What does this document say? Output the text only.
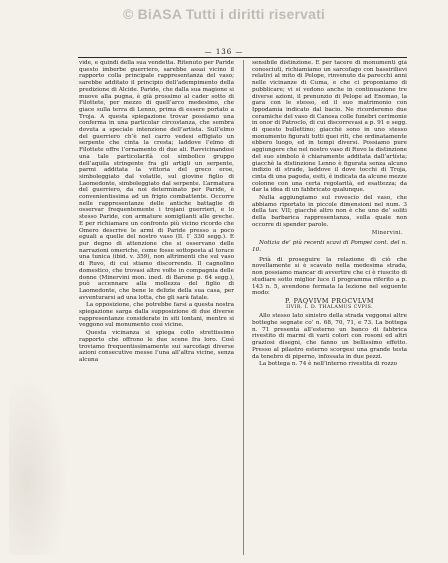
© BiASA Tutti i diritti riservati
— 136 —

vide, e quindi della sua vendetta. Ritenuto per Paride questo imberbe guerriero, sarebbe assai vicino il rapporto colla principale rappresentanza del vaso; sarebbe additato il principio dell’adempimento della predizione di Alcide. Paride, che dalla sua magione si muove alla pugna, è già prossimo al cader sotto di Filottete, per mezzo di quell’arco medesimo, che giace sulla terra di Lenno, prima di essere portato a Troja. A questa spiegazione trovar possiamo una conferma in una particolar circostanza, che sembra dovuta a speciale intenzione dell’artista. Sull’elmo del guerriero ch’è nel carro vedesi effigiato un serpente che cinta la cresta; laddove l’elmo di Filottete offre l’ornamento di due ali. Ravvicinandosi una tale particolarità col simbolico gruppo dell’aquila stringente fra gli artigli un serpente, parmi additata la vittoria del greco eroe, simboleggiato dal volatile, sul giovine figlio di Laomedonte, simboleggiato dal serpente. L’armatura del guerriero, da noi determinato per Paride, è convenientissima ad un frigio combattente. Occorre nelle rappresentanze delle antiche battaglie di osservar frequentemente i trojani guerrieri, e lo stesso Paride, con armature somiglianti alle greche. E per richiamare un confronto più vicino ricordo che Omero descrive le armi di Paride presso a poco eguali a quelle del nostro vaso (Il. Γ 330 segg.). E pur degno di attenzione che si osservano delle narrazioni omeriche, come fosse sottoposta al torace una tunica (ibid. v. 359), non altrimenti che sul vaso di Ruvo, di cui stiamo discorrendo. Il cagnolino domestico, che trovasi altre volte in compagnia delle donne (Minervini mon. ined. di Barone p. 64 segg.), può accennare alla mollezza del figlio di Laomedonte, che bene le delizie della sua casa, per avventurarsi ad una lotta, che gli sarà fatale.

La opposizione, che potrebbe farsi a questa nostra spiegazione sarga dalla supposizione di due diverse rappresentanze considerate in siti lontani, mentre si veggono sul monumento così vicine.

Questa vicinanza si spiega collo strettissimo rapporto che offrono le due scene fra loro. Così troviamo frequentissimamente sui sarcofagi diverse azioni consecutive messe l’una all’altra vicine, senza alcuna

sensibile distinzione. E per tacere di monumenti già conosciuti, richiamiamo un sarcofago con bassirilievi relativi al mito di Pelope, rinvenuto da parecchi anni nelle vicinanze di Cuma, e che ci proponiamo di pubblicare; vi si vedono anche in continuazione tre diverse azioni, il prenunzio di Pelope ad Enomao, la gara con le stesso, ed il suo matrimonio con Ippodamia indicato dal bacio. Ne ricorderemo due ceramiche del vaso di Canosa colle funebri cerimonie in onor di Patroclo, di cui discorrevasi a p. 91 e segg. di questo bullettino; giacchè sono in uno stesso monumento figurati tutti quei riti, che ordinatamente ebbero luogo, ed in tempi diversi. Possiamo pure aggiungere che nel nostro vaso di Ruvo la distinzione del suo simbolo è chiaramente additata dall’artista; giacchè la distinzione Lenno è figurata senza alcuno indizio di strade, laddove il dove tocchi di Troja, cinta di una pagoda, esiti, è indicata da alcune mezze colonne con una certa regolarità, ed esattezza; da dar la idea di un fabbricato qualunque.

Nulla aggiungiamo sul rovescio del vaso, che abbiamo riportato in piccole dimensioni nel num. 3 della tav. VII; giacchè altro non è che uno de’ soliti della barbarica rappresentanza, sulla quale non occorre di spender parole.

Minervini.
Notizia de’ più recenti scavi di Pompei cont. del n. 10.

Prià di proseguire la relazione di ciò che novellamente si è scavato nella medesima strada, non possiamo mancar di avvertire che ci è riuscito di studiare sotto miglior luce il programma riferito a p. 143 n. 5, avendone fermata la lezione nel seguente modo:

P. PAQVIVM PROCVLVM
IIVIR. I. D. THALAMUS CVPIS.

Allo stesso lato sinistro della strada veggonsi altre botteghe segnate co’ n. 68, 70, 71, e 73. La bottega n. 71 presenta all’esterno un banco di fabbrica rivestito di marmi di varii colori con rosoni ed altri graziosi disegni, che fanno un bellissimo effetto. Presso al pilastro esterno scorgesi una grande testa da tenebro di piperno, infossata in due pezzi.

La bottega n. 74 è nell’interno rivestita di rozzo
